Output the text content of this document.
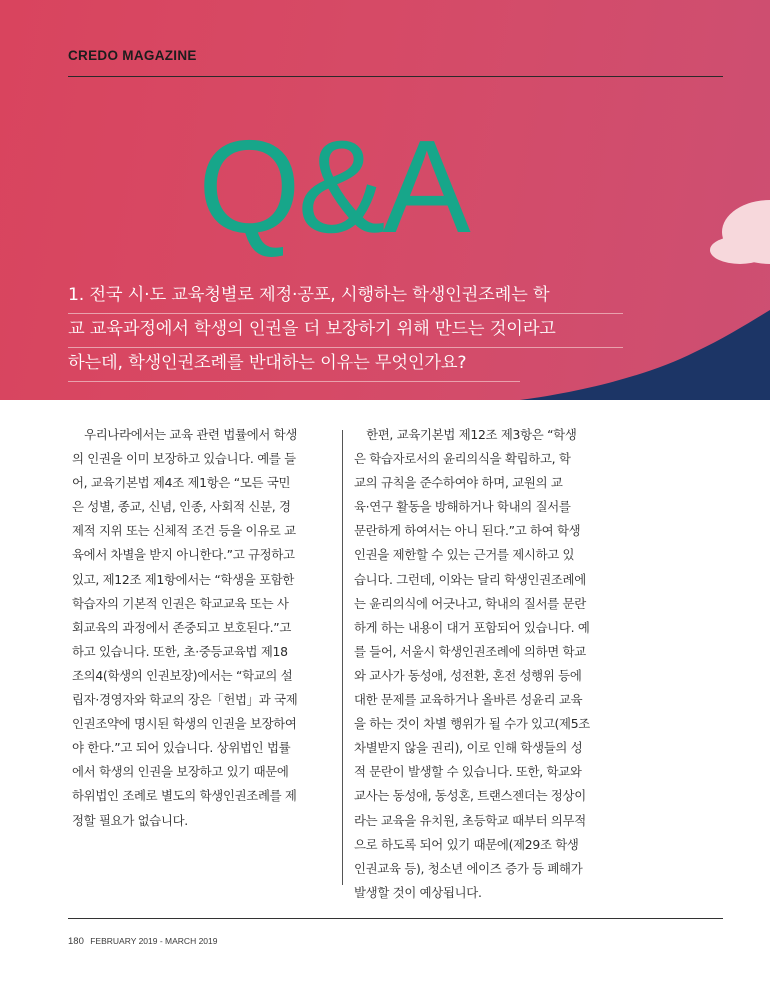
CREDO MAGAZINE
Q&A
1. 전국 시·도 교육청별로 제정·공포, 시행하는 학생인권조례는 학
교 교육과정에서 학생의 인권을 더 보장하기 위해 만드는 것이라고
하는데, 학생인권조례를 반대하는 이유는 무엇인가요?
　우리나라에서는 교육 관련 법률에서 학생
의 인권을 이미 보장하고 있습니다. 예를 들
어, 교육기본법 제4조 제1항은 “모든 국민
은 성별, 종교, 신념, 인종, 사회적 신분, 경
제적 지위 또는 신체적 조건 등을 이유로 교
육에서 차별을 받지 아니한다.”고 규정하고
있고, 제12조 제1항에서는 “학생을 포함한
학습자의 기본적 인권은 학교교육 또는 사
회교육의 과정에서 존중되고 보호된다.”고
하고 있습니다. 또한, 초·중등교육법 제18
조의4(학생의 인권보장)에서는 “학교의 설
립자·경영자와 학교의 장은「헌법」과 국제
인권조약에 명시된 학생의 인권을 보장하여
야 한다.”고 되어 있습니다. 상위법인 법률
에서 학생의 인권을 보장하고 있기 때문에
하위법인 조례로 별도의 학생인권조례를 제
정할 필요가 없습니다.
　한편, 교육기본법 제12조 제3항은 “학생
은 학습자로서의 윤리의식을 확립하고, 학
교의 규칙을 준수하여야 하며, 교원의 교
육·연구 활동을 방해하거나 학내의 질서를
문란하게 하여서는 아니 된다.”고 하여 학생
인권을 제한할 수 있는 근거를 제시하고 있
습니다. 그런데, 이와는 달리 학생인권조례에
는 윤리의식에 어긋나고, 학내의 질서를 문란
하게 하는 내용이 대거 포함되어 있습니다. 예
를 들어, 서울시 학생인권조례에 의하면 학교
와 교사가 동성애, 성전환, 혼전 성행위 등에
대한 문제를 교육하거나 올바른 성윤리 교육
을 하는 것이 차별 행위가 될 수가 있고(제5조
차별받지 않을 권리), 이로 인해 학생들의 성
적 문란이 발생할 수 있습니다. 또한, 학교와
교사는 동성애, 동성혼, 트랜스젠더는 정상이
라는 교육을 유치원, 초등학교 때부터 의무적
으로 하도록 되어 있기 때문에(제29조 학생
인권교육 등), 청소년 에이즈 증가 등 폐해가
발생할 것이 예상됩니다.
180 FEBRUARY 2019 - MARCH 2019
